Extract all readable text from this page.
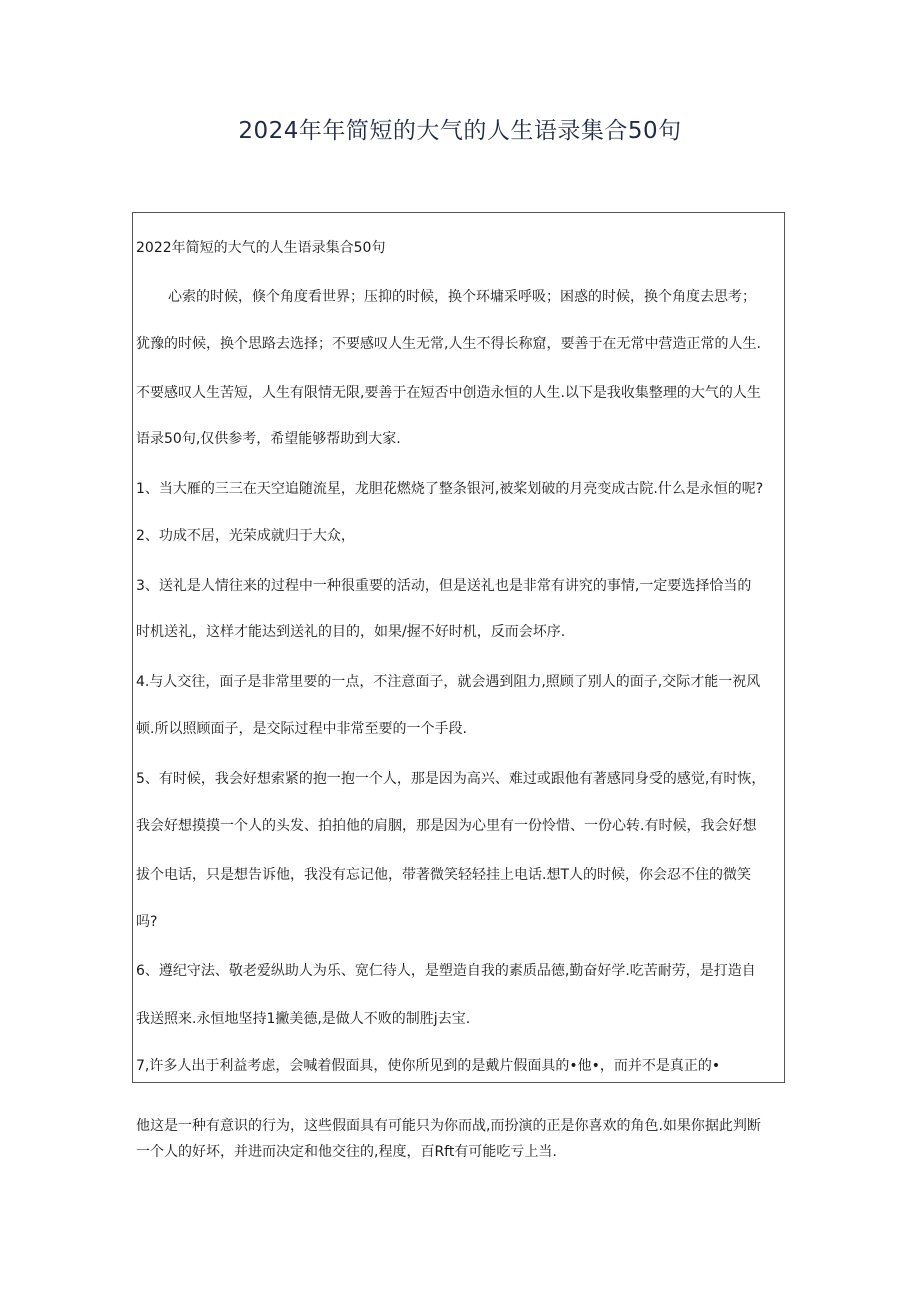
2024年年简短的大气的人生语录集合50句
2022年简短的大气的人生语录集合50句
心索的时候，倏个角度看世界；压抑的时候，换个环墉采呼吸；困惑的时候，换个角度去思考；
犹豫的时候，换个思路去选择；不要感叹人生无常,人生不得长称窟，要善于在无常中营造正常的人生.
不要感叹人生苦短，人生有限情无限,要善于在短否中创造永恒的人生.以下是我收集整理的大气的人生
语录50句,仅供参考，希望能够帮助到大家.
1、当大雁的三三在天空追随流星，龙胆花燃烧了整条银河,被桨划破的月亮变成古院.什么是永恒的呢?
2、功成不居，光荣成就归于大众，
3、送礼是人情往来的过程中一种很重要的活动，但是送礼也是非常有讲究的事情,一定要选择恰当的
时机送礼，这样才能达到送礼的目的，如果/握不好时机，反而会坏序.
4.与人交往，面子是非常里要的一点，不注意面子，就会遇到阻力,照顾了别人的面子,交际才能一祝风
顿.所以照顾面子，是交际过程中非常至要的一个手段.
5、有时候，我会好想索紧的抱一抱一个人，那是因为高兴、难过或跟他有著感同身受的感觉,有时恢，
我会好想摸摸一个人的头发、拍拍他的肩胭，那是因为心里有一份怜惜、一份心转.有时候，我会好想
拔个电话，只是想告诉他，我没有忘记他，带著微笑轻轻挂上电话.想T人的时候，你会忍不住的微笑
吗?
6、遵纪守法、敬老爱纵助人为乐、宽仁待人，是塑造自我的素质品德,勤奋好学.吃苦耐劳，是打造自
我送照来.永恒地坚持1撇美德,是做人不败的制胜j去宝.
7,许多人出于利益考虑，会喊着假面具，使你所见到的是戴片假面具的•他•，而并不是真正的•
他这是一种有意识的行为，这些假面具有可能只为你而战,而扮演的正是你喜欢的角色.如果你据此判断
一个人的好坏，并进而决定和他交往的,程度，百Rft有可能吃亏上当.
